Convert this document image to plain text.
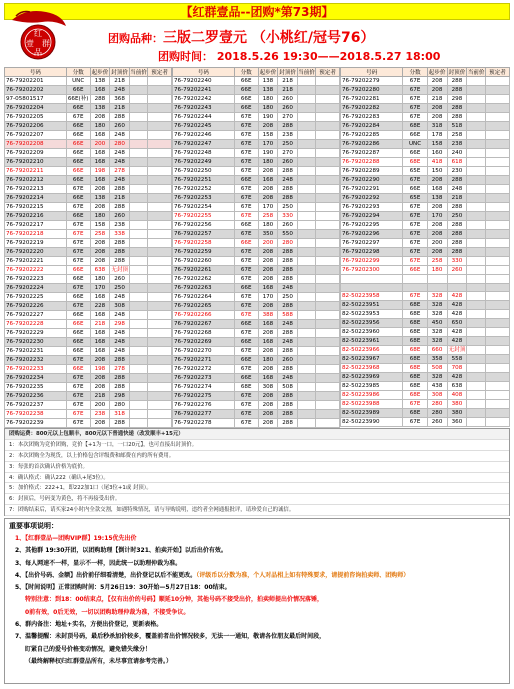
【红群壹品--团购*第73期】
红
壹 群
品
团购品种：三版二罗壹元 （小桃红/冠号76）
团购时间： 2018.5.26 19:30——2018.5.27 18:00
号码	分数	起步价	封顶价	当前价	预定者
76-79202201	UNC	138	218		
76-79202202	66E	168	248		
97-05801517	66E(补)	288	368		
76-79202204	66E	138	218		
76-79202205	67E	208	288		
76-79202206	66E	180	260		
76-79202207	66E	168	248		
76-79202208	66E	200	280		
76-79202209	66E	168	248		
76-79202210	66E	168	248		
76-79202211	66E	198	278		
76-79202212	66E	168	248		
76-79202213	67E	208	288		
76-79202214	66E	138	218		
76-79202215	67E	208	288		
76-79202216	66E	180	260		
76-79202217	67E	158	238		
76-79202218	67E	258	338		
76-79202219	67E	208	288		
76-79202220	67E	208	288		
76-79202221	67E	208	288		
76-79202222	66E	638	无封顶		
76-79202223	66E	180	260		
76-79202224	67E	170	250		
76-79202225	66E	168	248		
76-79202226	67E	228	308		
76-79202227	66E	168	248		
76-79202228	66E	218	298		
76-79202229	66E	168	248		
76-79202230	66E	168	248		
76-79202231	66E	168	248		
76-79202232	67E	208	288		
76-79202233	66E	198	278		
76-79202234	67E	208	288		
76-79202235	67E	208	288		
76-79202236	67E	218	298		
76-79202237	67E	200	280		
76-79202238	67E	238	318		
76-79202239	67E	208	288		
号码	分数	起步价	封顶价	当前价	预定者
76-79202240	66E	138	218		
76-79202241	66E	138	218		
76-79202242	66E	180	260		
76-79202243	66E	180	260		
76-79202244	67E	190	270		
76-79202245	67E	208	288		
76-79202246	67E	158	238		
76-79202247	67E	170	250		
76-79202248	67E	190	270		
76-79202249	67E	180	260		
76-79202250	67E	208	288		
76-79202251	66E	168	248		
76-79202252	67E	208	288		
76-79202253	67E	208	288		
76-79202254	67E	170	250		
76-79202255	67E	258	330		
76-79202256	66E	180	260		
76-79202257	67E	350	550		
76-79202258	66E	200	280		
76-79202259	67E	208	288		
76-79202260	67E	208	288		
76-79202261	67E	208	288		
76-79202262	67E	208	288		
76-79202263	66E	168	248		
76-79202264	67E	170	250		
76-79202265	67E	208	288		
76-79202266	67E	388	588		
76-79202267	66E	168	248		
76-79202268	67E	208	288		
76-79202269	66E	168	248		
76-79202270	67E	208	288		
76-79202271	66E	180	260		
76-79202272	67E	208	288		
76-79202273	66E	168	248		
76-79202274	68E	308	508		
76-79202275	67E	208	288		
76-79202276	67E	208	288		
76-79202277	67E	208	288		
76-79202278	67E	208	288		
号码	分数	起步价	封顶价	当前价	预定者
76-79202279	67E	208	288		
76-79202280	67E	208	288		
76-79202281	67E	218	298		
76-79202282	67E	208	288		
76-79202283	67E	208	288		
76-79202284	68E	318	518		
76-79202285	66E	178	258		
76-79202286	UNC	158	238		
76-79202287	66E	160	240		
76-79202288	68E	418	618		
76-79202289	65E	150	230		
76-79202290	67E	208	288		
76-79202291	66E	168	248		
76-79202292	65E	138	218		
76-79202293	67E	208	288		
76-79202294	67E	170	250		
76-79202295	67E	208	288		
76-79202296	67E	208	288		
76-79202297	67E	200	288		
76-79202298	67E	208	288		
76-79202299	67E	258	330		
76-79202300	66E	180	260		

82-50223958	67E	328	428		
82-50223951	68E	328	428		
82-50223953	68E	328	428		
82-50223956	68E	450	650		
82-50223960	68E	328	428		
82-50223961	68E	328	428		
82-50223966	68E	660	无封顶		
82-50223967	68E	358	558		
82-50223968	68E	508	708		
82-50223969	68E	328	428		
82-50223985	68E	438	638		
82-50223986	68E	308	408		
82-50223988	67E	280	380		
82-50223989	68E	280	380		
82-50223990	67E	260	360		
团购运费：800元以上包顺丰，800元以下普通快递（改发顺丰+15元）
1：本次团购为竞价团购，竞价【+1为一口，一口20元】，也可直接出封顶价。
2：本次团购全为现货，以上价格包含评级费和邮费在内的所有费用。
3：每张的首次确认价格为底价。
4：确认格式：确认222（确认+尾3位）。
5：加价格式：222+1，即222加1口（尾3位+1或 封顶）。
6：封顶后，号码变为黄色，将不再接受出价。
7：团购结束后，请买家24小时内全款交割，如遇特殊情况，请与导购说明，违约者全网通报批评，请珍爱自己的诚信。
重要事项说明：
1、【红群壹品—团购VIP群】19:15优先出价
2、其他群 19:30开团，以团购助理【倒计时321、拍卖开始】以后出价有效。
3、每人网速不一样，显示不一样，因此统一以助理仲裁为准。
4、【出价号码、金额】出价前仔细看清楚，出价登记以后不能更改。（评级币以分数为准，个人对品相上如有特殊要求，请提前咨询拍卖师、团购师）
5、【时间说明】正常团购时间：5月26日19：30开始—5月27日18：00结束。
特别注意：到18：00结束点，【仅有出价的号码】顺延10分钟，其他号码不接受出价，拍卖师提出价情况落锤，
0前有效，0后无效，一切以团购助理仲裁为准，不接受争议。
6、群内备注：地址+实名，方便出价登记，更新表格。
7、温馨提醒：未封顶号码，最后秒杀加价较多，覆盖前者出价情况较多，无法一一通知，敬请各位朋友最后时间段，
盯紧自己的爱号价格变动情况，避免错失缘分！
（最终解释权归红群壹品所有，未尽事宜请参考完善。）
